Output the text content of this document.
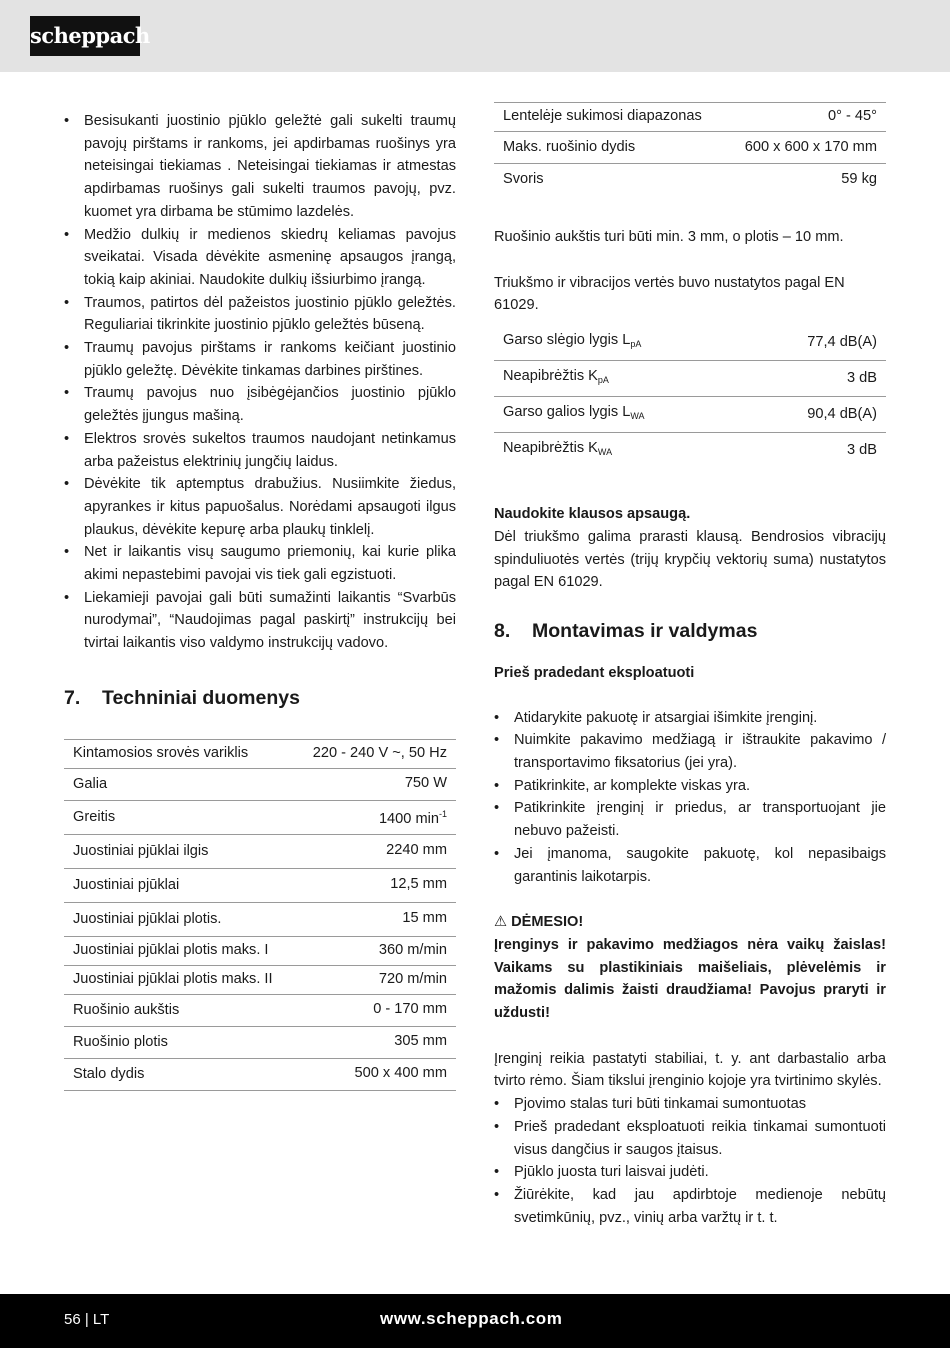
scheppach
• Besisukanti juostinio pjūklo geležtė gali sukelti traumų pavojų pirštams ir rankoms, jei apdirbamas ruošinys yra neteisingai tiekiamas . Neteisingai tiekiamas ir atmestas apdirbamas ruošinys gali sukelti traumos pavojų, pvz. kuomet yra dirbama be stūmimo lazdelės.
• Medžio dulkių ir medienos skiedrų keliamas pavojus sveikatai. Visada dėvėkite asmeninę apsaugos įrangą, tokią kaip akiniai. Naudokite dulkių išsiurbimo įrangą.
• Traumos, patirtos dėl pažeistos juostinio pjūklo geležtės. Reguliariai tikrinkite juostinio pjūklo geležtės būseną.
• Traumų pavojus pirštams ir rankoms keičiant juostinio pjūklo geležtę. Dėvėkite tinkamas darbines pirštines.
• Traumų pavojus nuo įsibėgėjančios juostinio pjūklo geležtės įjungus mašiną.
• Elektros srovės sukeltos traumos naudojant netinkamus arba pažeistus elektrinių jungčių laidus.
• Dėvėkite tik aptemptus drabužius. Nusiimkite žiedus, apyrankes ir kitus papuošalus. Norėdami apsaugoti ilgus plaukus, dėvėkite kepurę arba plaukų tinklelį.
• Net ir laikantis visų saugumo priemonių, kai kurie plika akimi nepastebimi pavojai vis tiek gali egzistuoti.
• Liekamieji pavojai gali būti sumažinti laikantis “Svarbūs nurodymai”, “Naudojimas pagal paskirtį” instrukcijų bei tvirtai laikantis viso valdymo instrukcijų vadovo.
7. Techniniai duomenys
Kintamosios srovės variklis	220 - 240 V ~, 50 Hz
Galia	750 W
Greitis	1400 $\min^{-1}$
Juostiniai pjūklai ilgis	2240 mm
Juostiniai pjūklai	12,5 mm
Juostiniai pjūklai plotis.	15 mm
Juostiniai pjūklai plotis maks. I	360 m/min
Juostiniai pjūklai plotis maks. II	720 m/min
Ruošinio aukštis	0 - 170 mm
Ruošinio plotis	305 mm
Stalo dydis	500 x 400 mm
Lentelėje sukimosi diapazonas	0° - 45°
Maks. ruošinio dydis	600 x 600 x 170 mm
Svoris	59 kg

Ruošinio aukštis turi būti min. 3 mm, o plotis – 10 mm.

Triukšmo ir vibracijos vertės buvo nustatytos pagal EN 61029.

Garso slėgio lygis $L_{pA}$	77,4 dB(A)
Neapibrėžtis $K_{pA}$	3 dB
Garso galios lygis $L_{WA}$	90,4 dB(A)
Neapibrėžtis $K_{WA}$	3 dB

Naudokite klausos apsaugą.

Dėl triukšmo galima prarasti klausą. Bendrosios vibracijų spinduliuotės vertės (trijų krypčių vektorių suma) nustatytos pagal EN 61029.

8. Montavimas ir valdymas

Prieš pradedant eksploatuoti

• Atidarykite pakuotę ir atsargiai išimkite įrenginį.
• Nuimkite pakavimo medžiagą ir ištraukite pakavimo / transportavimo fiksatorius (jei yra).
• Patikrinkite, ar komplekte viskas yra.
• Patikrinkite įrenginį ir priedus, ar transportuojant jie nebuvo pažeisti.
• Jei įmanoma, saugokite pakuotę, kol nepasibaigs garantinis laikotarpis.

⚠ DĖMESIO!

Įrenginys ir pakavimo medžiagos nėra vaikų žaislas! Vaikams su plastikiniais maišeliais, plėvelėmis ir mažomis dalimis žaisti draudžiama! Pavojus praryti ir uždusti!

Įrenginį reikia pastatyti stabiliai, t. y. ant darbastalio arba tvirto rėmo. Šiam tikslui įrenginio kojoje yra tvirtinimo skylės.

• Pjovimo stalas turi būti tinkamai sumontuotas
• Prieš pradedant eksploatuoti reikia tinkamai sumontuoti visus dangčius ir saugos įtaisus.
• Pjūklo juosta turi laisvai judėti.
• Žiūrėkite, kad jau apdirbtoje medienoje nebūtų svetimkūnių, pvz., vinių arba varžtų ir t. t.
56 | LT	www.scheppach.com
